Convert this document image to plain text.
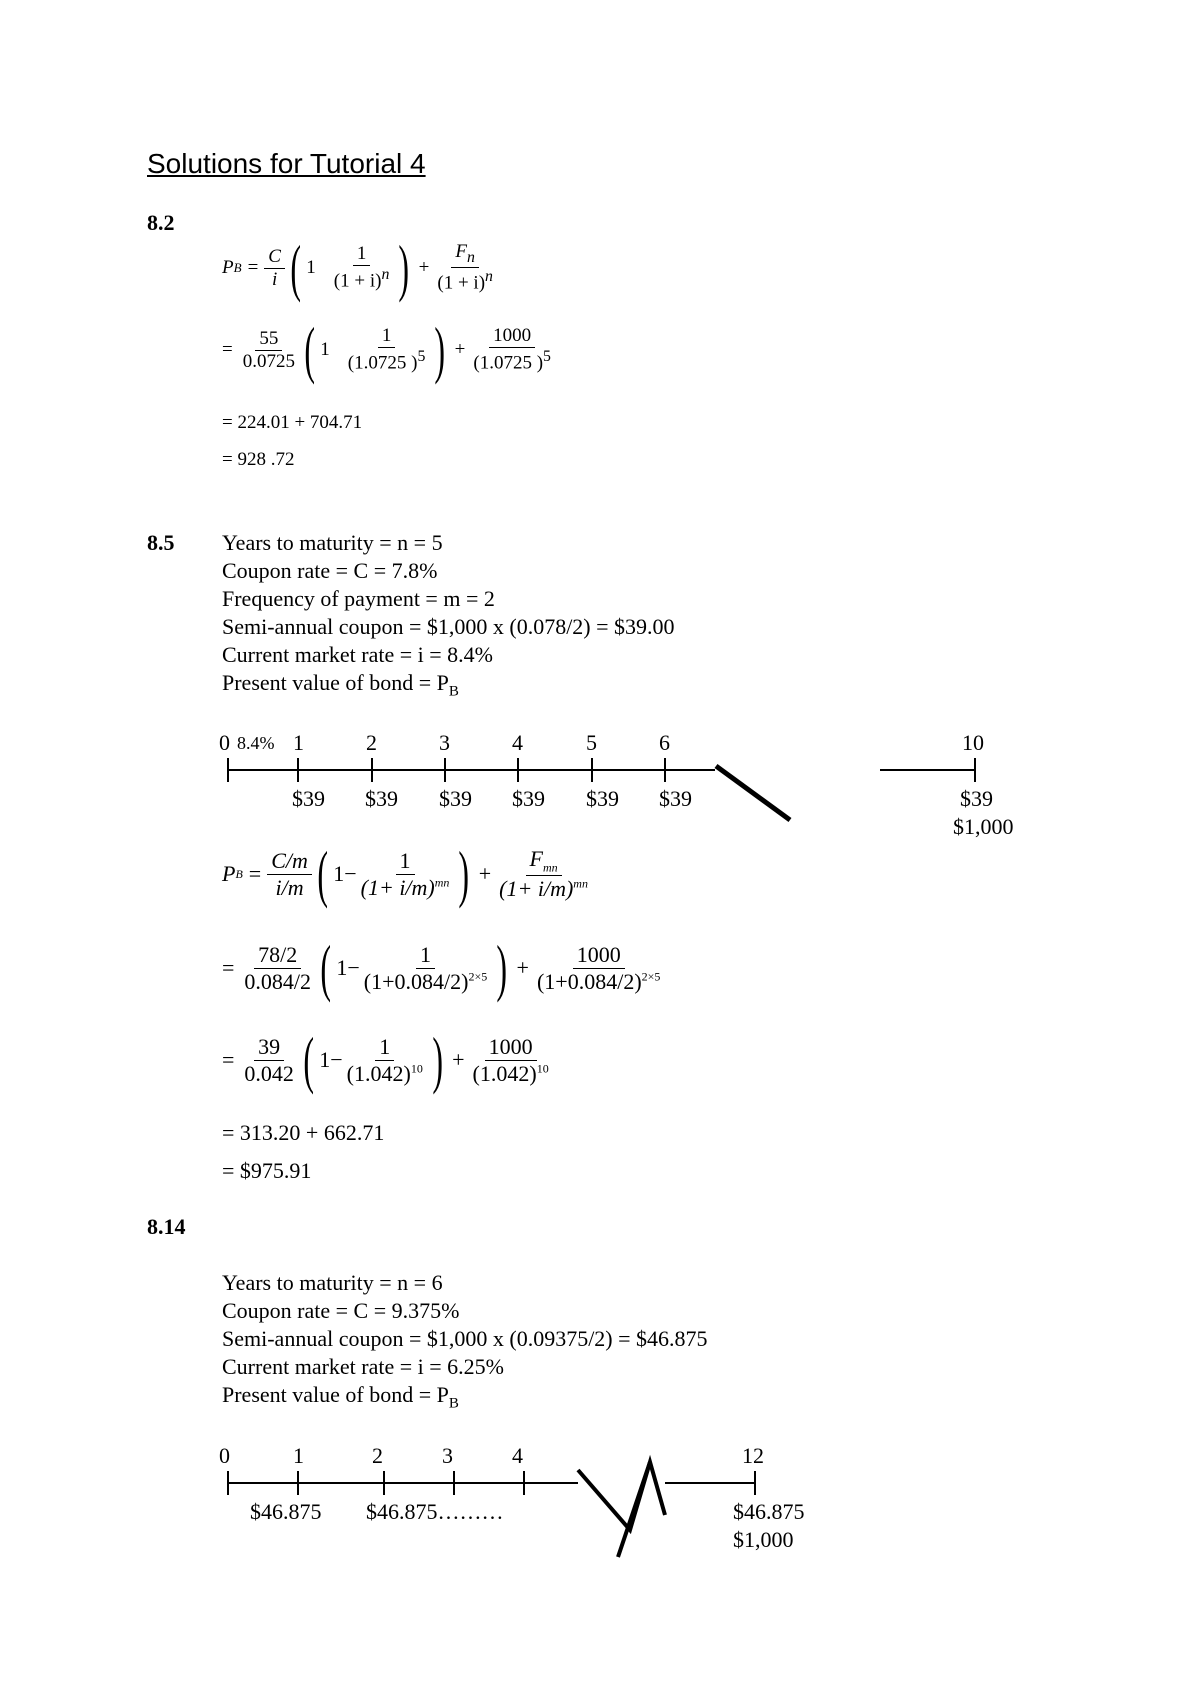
Solutions for Tutorial 4
8.2
P $B = \frac{C}{i}$ ( $1 \frac{1}{(1 + i)^n}$ ) + $\frac{F_n}{(1 + i)^n}$
= $\frac{55}{0.0725}$ ( $1 \frac{1}{(1.0725 )^5}$ ) + $\frac{1000}{(1.0725 )^5}$
= 224.01 + 704.71
= 928 .72
8.5 Years to maturity = n = 5
Coupon rate = C = 7.8%
Frequency of payment = m = 2
Semi-annual coupon = $1,000 x (0.078/2) = $39.00
Current market rate = i = 8.4%
Present value of bond = $P_B$
0 8.4% 1	2	3	4	5	6	10
$39 $39 $39 $39 $39 $39	$39
$1,000
P $B = \frac{C/m}{i/m}$ ( $1- \frac{1}{(1+ i/m)^{mn}}$ ) + $\frac{F_{mn}}{(1+ i/m)^{mn}}$
= $\frac{78/2}{0.084/2}$ ( $1- \frac{1}{(1+0.084/2)^{2\times 5}}$ ) + $\frac{1000}{(1+0.084/2)^{2\times 5}}$
= $\frac{39}{0.042}$ ( $1- \frac{1}{(1.042)^{10}}$ ) + $\frac{1000}{(1.042)^{10}}$
= 313.20 + 662.71
= $975.91
8.14
Years to maturity = n = 6
Coupon rate = C = 9.375%
Semi-annual coupon = $1,000 x (0.09375/2) = $46.875
Current market rate = i = 6.25%
Present value of bond = $P_B$
0	1	2	3	4	12
$46.875 $46.875………	$46.875
$1,000
